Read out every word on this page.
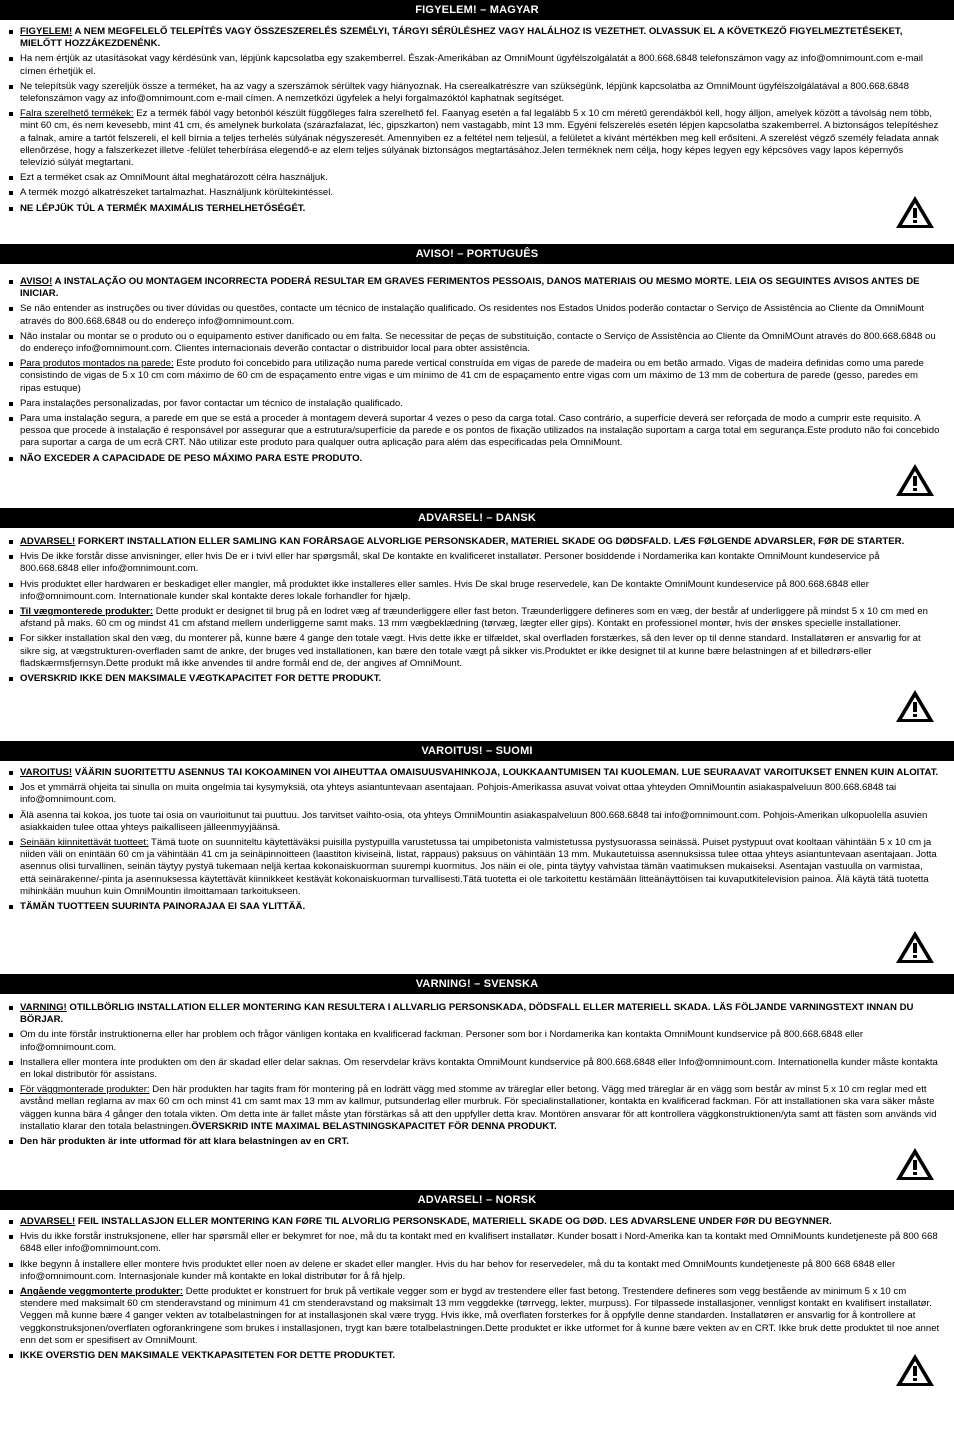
FIGYELEM! – MAGYAR
FIGYELEM! A NEM MEGFELELŐ TELEPÍTÉS VAGY ÖSSZESZERELÉS SZEMÉLYI, TÁRGYI SÉRÜLÉSHEZ VAGY HALÁLHOZ IS VEZETHET. OLVASSUK EL A KÖVETKEZŐ FIGYELMEZTETÉSEKET, MIELŐTT HOZZÁKEZDENÉNK.
Ha nem értjük az utasításokat vagy kérdésünk van, lépjünk kapcsolatba egy szakemberrel. Észak-Amerikában az OmniMount ügyfélszolgálatát a 800.668.6848 telefonszámon vagy az info@omnimount.com e-mail címen érhetjük el.
Ne telepítsük vagy szereljük össze a terméket, ha az vagy a szerszámok sérültek vagy hiányoznak. Ha cserealkatrészre van szükségünk, lépjünk kapcsolatba az OmniMount ügyfélszolgálatával a 800.668.6848 telefonszámon vagy az info@omnimount.com e-mail címen. A nemzetközi ügyfelek a helyi forgalmazóktól kaphatnak segítséget.
Falra szerelhető termékek: Ez a termék fából vagy betonból készült függőleges falra szerelhető fel. Faanyag esetén a fal legalább 5 x 10 cm méretű gerendákból kell, hogy álljon, amelyek között a távolság nem több, mint 60 cm, és nem kevesebb, mint 41 cm, és amelynek burkolata (szárazfalazat, léc, gipszkarton) nem vastagabb, mint 13 mm. Egyéni felszerelés esetén lépjen kapcsolatba szakemberrel. A biztonságos telepítéshez a falnak, amire a tartót felszereli, el kell bírnia a teljes terhelés súlyának négyszeresét. Amennyiben ez a feltétel nem teljesül, a felületet a kívánt mértékben meg kell erősíteni. A szerelést végző személy feladata annak ellenőrzése, hogy a falszerkezet illetve -felület teherbírása elegendő-e az elem teljes súlyának biztonságos megtartásához.Jelen terméknek nem célja, hogy képes legyen egy képcsöves vagy lapos képernyős televízió súlyát megtartani.
Ezt a terméket csak az OmniMount által meghatározott célra használjuk.
A termék mozgó alkatrészeket tartalmazhat. Használjunk körültekintéssel.
NE LÉPJÜK TÚL A TERMÉK MAXIMÁLIS TERHELHETŐSÉGÉT.
AVISO! – PORTUGUÊS
AVISO! A INSTALAÇÃO OU MONTAGEM INCORRECTA PODERÁ RESULTAR EM GRAVES FERIMENTOS PESSOAIS, DANOS MATERIAIS OU MESMO MORTE. LEIA OS SEGUINTES AVISOS ANTES DE INICIAR.
Se não entender as instruções ou tiver dúvidas ou questões, contacte um técnico de instalação qualificado. Os residentes nos Estados Unidos poderão contactar o Serviço de Assistência ao Cliente da OmniMount através do 800.668.6848 ou do endereço info@omnimount.com.
Não instalar ou montar se o produto ou o equipamento estiver danificado ou em falta. Se necessitar de peças de substituição, contacte o Serviço de Assistência ao Cliente da OmniMOunt através do 800.668.6848 ou do endereço info@omnimount.com. Clientes internacionais deverão contactar o distribuidor local para obter assistência.
Para produtos montados na parede: Este produto foi concebido para utilização numa parede vertical construída em vigas de parede de madeira ou em betão armado. Vigas de madeira definidas como uma parede consistindo de vigas de 5 x 10 cm com máximo de 60 cm de espaçamento entre vigas e um mínimo de 41 cm de espaçamento entre vigas com um máximo de 13 mm de cobertura de parede (gesso, paredes em ripas estuque)
Para instalações personalizadas, por favor contactar um técnico de instalação qualificado.
Para uma instalação segura, a parede em que se está a proceder à montagem deverá suportar 4 vezes o peso da carga total. Caso contrário, a superfície deverá ser reforçada de modo a cumprir este requisito. A pessoa que procede à instalação é responsável por assegurar que a estrutura/superfície da parede e os pontos de fixação utilizados na instalação suportam a carga total em segurança.Este produto não foi concebido para suportar a carga de um ecrã CRT. Não utilizar este produto para qualquer outra aplicação para além das especificadas pela OmniMount.
NÃO EXCEDER A CAPACIDADE DE PESO MÁXIMO PARA ESTE PRODUTO.
ADVARSEL! – DANSK
ADVARSEL! FORKERT INSTALLATION ELLER SAMLING KAN FORÅRSAGE ALVORLIGE PERSONSKADER, MATERIEL SKADE OG DØDSFALD. LÆS FØLGENDE ADVARSLER, FØR DE STARTER.
Hvis De ikke forstår disse anvisninger, eller hvis De er i tvivl eller har spørgsmål, skal De kontakte en kvalificeret installatør. Personer bosiddende i Nordamerika kan kontakte OmniMount kundeservice på 800.668.6848 eller info@omnimount.com.
Hvis produktet eller hardwaren er beskadiget eller mangler, må produktet ikke installeres eller samles. Hvis De skal bruge reservedele, kan De kontakte OmniMount kundeservice på 800.668.6848 eller info@omnimount.com. Internationale kunder skal kontakte deres lokale forhandler for hjælp.
Til vægmonterede produkter: Dette produkt er designet til brug på en lodret væg af træunderliggere eller fast beton. Træunderliggere defineres som en væg, der består af underliggere på mindst 5 x 10 cm med en afstand på maks. 60 cm og mindst 41 cm afstand mellem underliggerne samt maks. 13 mm vægbeklædning (tørvæg, lægter eller gips). Kontakt en professionel montør, hvis der ønskes specielle installationer.
For sikker installation skal den væg, du monterer på, kunne bære 4 gange den totale vægt. Hvis dette ikke er tilfældet, skal overfladen forstærkes, så den lever op til denne standard. Installatøren er ansvarlig for at sikre sig, at vægstrukturen-overfladen samt de ankre, der bruges ved installationen, kan bære den totale vægt på sikker vis.Produktet er ikke designet til at kunne bære belastningen af et billedrørs-eller fladskærmsfjernsyn.Dette produkt må ikke anvendes til andre formål end de, der angives af OmniMount.
OVERSKRID IKKE DEN MAKSIMALE VÆGTKAPACITET FOR DETTE PRODUKT.
VAROITUS! – SUOMI
VAROITUS! VÄÄRIN SUORITETTU ASENNUS TAI KOKOAMINEN VOI AIHEUTTAA OMAISUUSVAHINKOJA, LOUKKAANTUMISEN TAI KUOLEMAN. LUE SEURAAVAT VAROITUKSET ENNEN KUIN ALOITAT.
Jos et ymmärrä ohjeita tai sinulla on muita ongelmia tai kysymyksiä, ota yhteys asiantuntevaan asentajaan. Pohjois-Amerikassa asuvat voivat ottaa yhteyden OmniMountin asiakaspalveluun 800.668.6848 tai info@omnimount.com.
Älä asenna tai kokoa, jos tuote tai osia on vaurioitunut tai puuttuu. Jos tarvitset vaihto-osia, ota yhteys OmniMountin asiakaspalveluun 800.668.6848 tai info@omnimount.com. Pohjois-Amerikan ulkopuolella asuvien asiakkaiden tulee ottaa yhteys paikalliseen jälleenmyyjäänsä.
Seinään kiinnitettävät tuotteet: Tämä tuote on suunniteltu käytettäväksi puisilla pystypuilla varustetussa tai umpibetonista valmistetussa pystysuorassa seinässä. Puiset pystypuut ovat kooltaan vähintään 5 x 10 cm ja niiden väli on enintään 60 cm ja vähintään 41 cm ja seinäpinnoitteen (laastiton kiviseinä, listat, rappaus) paksuus on vähintään 13 mm. Mukautetuissa asennuksissa tulee ottaa yhteys asiantuntevaan asentajaan. Jotta asennus olisi turvallinen, seinän täytyy pystyä tukemaan neljä kertaa kokonaiskuorman suurempi kuormitus. Jos näin ei ole, pinta täytyy vahvistaa tämän vaatimuksen mukaiseksi. Asentajan vastuulla on varmistaa, että seinärakenne/-pinta ja asennuksessa käytettävät kiinnikkeet kestävät kokonaiskuorman turvallisesti.Tätä tuotetta ei ole tarkoitettu kestämään litteänäyttöisen tai kuvaputkitelevision painoa. Älä käytä tätä tuotetta mihinkään muuhun kuin OmniMountin ilmoittamaan tarkoitukseen.
TÄMÄN TUOTTEEN SUURINTA PAINORAJAA EI SAA YLITTÄÄ.
VARNING! – SVENSKA
VARNING! OTILLBÖRLIG INSTALLATION ELLER MONTERING KAN RESULTERA I ALLVARLIG PERSONSKADA, DÖDSFALL ELLER MATERIELL SKADA. LÄS FÖLJANDE VARNINGSTEXT INNAN DU BÖRJAR.
Om du inte förstår instruktionerna eller har problem och frågor vänligen kontaka en kvalificerad fackman. Personer som bor i Nordamerika kan kontakta OmniMount kundservice på 800.668.6848 eller info@omnimount.com.
Installera eller montera inte produkten om den är skadad eller delar saknas. Om reservdelar krävs kontakta OmniMount kundservice på 800.668.6848 eller Info@omnimount.com. Internationella kunder måste kontakta en lokal distributör för assistans.
För väggmonterade produkter: Den här produkten har tagits fram för montering på en lodrätt vägg med stomme av träreglar eller betong. Vägg med träreglar är en vägg som består av minst 5 x 10 cm reglar med ett avstånd mellan reglarna av max 60 cm och minst 41 cm samt max 13 mm av kallmur, putsunderlag eller murbruk. För specialinstallationer, kontakta en kvalificerad fackman. För att installationen ska vara säker måste väggen kunna bära 4 gånger den totala vikten. Om detta inte är fallet måste ytan förstärkas så att den uppfyller detta krav. Montören ansvarar för att kontrollera väggkonstruktionen/yta samt att fästen som används vid installatio klarar den totala belastningen.ÖVERSKRID INTE MAXIMAL BELASTNINGSKAPACITET FÖR DENNA PRODUKT.
Den här produkten är inte utformad för att klara belastningen av en CRT.
ADVARSEL! – NORSK
ADVARSEL! FEIL INSTALLASJON ELLER MONTERING KAN FØRE TIL ALVORLIG PERSONSKADE, MATERIELL SKADE OG DØD. LES ADVARSLENE UNDER FØR DU BEGYNNER.
Hvis du ikke forstår instruksjonene, eller har spørsmål eller er bekymret for noe, må du ta kontakt med en kvalifisert installatør. Kunder bosatt i Nord-Amerika kan ta kontakt med OmniMounts kundetjeneste på 800 668 6848 eller info@omnimount.com.
Ikke begynn å installere eller montere hvis produktet eller noen av delene er skadet eller mangler. Hvis du har behov for reservedeler, må du ta kontakt med OmniMounts kundetjeneste på 800 668 6848 eller info@omnimount.com. Internasjonale kunder må kontakte en lokal distributør for å få hjelp.
Angående veggmonterte produkter: Dette produktet er konstruert for bruk på vertikale vegger som er bygd av trestendere eller fast betong. Trestendere defineres som vegg bestående av minimum 5 x 10 cm stendere med maksimalt 60 cm stenderavstand og minimum 41 cm stenderavstand og maksimalt 13 mm veggdekke (tørrvegg, lekter, murpuss). For tilpassede installasjoner, vennligst kontakt en kvalifisert installatør. Veggen må kunne bære 4 ganger vekten av totalbelastningen for at installasjonen skal være trygg. Hvis ikke, må overflaten forsterkes for å oppfylle denne standarden. Installatøren er ansvarlig for å kontrollere at veggkonstruksjonen/overflaten ogforankringene som brukes i installasjonen, trygt kan bære totalbelastningen.Dette produktet er ikke utformet for å kunne bære vekten av en CRT. Ikke bruk dette produktet til noe annet enn det som er spesifisert av OmniMount.
IKKE OVERSTIG DEN MAKSIMALE VEKTKAPASITETEN FOR DETTE PRODUKTET.
